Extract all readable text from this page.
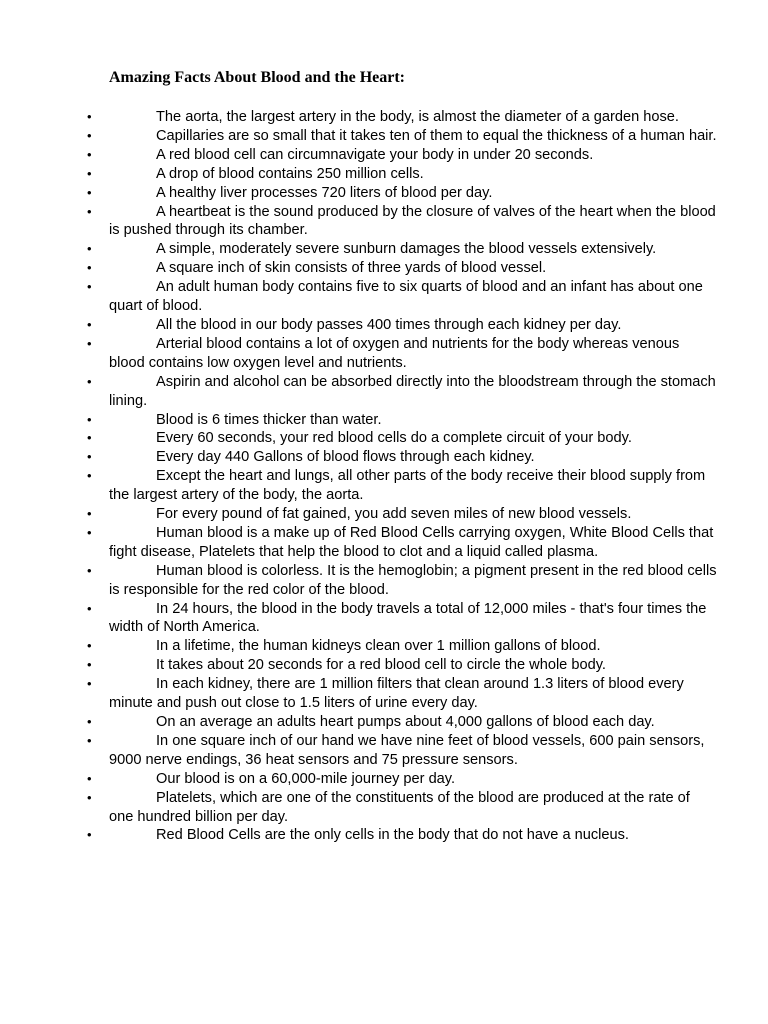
Amazing Facts About Blood and the Heart:
•	The aorta, the largest artery in the body, is almost the diameter of a garden hose.
•	Capillaries are so small that it takes ten of them to equal the thickness of a human hair.
•	A red blood cell can circumnavigate your body in under 20 seconds.
•	A drop of blood contains 250 million cells.
•	A healthy liver processes 720 liters of blood per day.
•	A heartbeat is the sound produced by the closure of valves of the heart when the blood is pushed through its chamber.
•	A simple, moderately severe sunburn damages the blood vessels extensively.
•	A square inch of skin consists of three yards of blood vessel.
•	An adult human body contains five to six quarts of blood and an infant has about one quart of blood.
•	All the blood in our body passes 400 times through each kidney per day.
•	Arterial blood contains a lot of oxygen and nutrients for the body whereas venous blood contains low oxygen level and nutrients.
•	Aspirin and alcohol can be absorbed directly into the bloodstream through the stomach lining.
•	Blood is 6 times thicker than water.
•	Every 60 seconds, your red blood cells do a complete circuit of your body.
•	Every day 440 Gallons of blood flows through each kidney.
•	Except the heart and lungs, all other parts of the body receive their blood supply from the largest artery of the body, the aorta.
•	For every pound of fat gained, you add seven miles of new blood vessels.
•	Human blood is a make up of Red Blood Cells carrying oxygen, White Blood Cells that fight disease, Platelets that help the blood to clot and a liquid called plasma.
•	Human blood is colorless. It is the hemoglobin; a pigment present in the red blood cells is responsible for the red color of the blood.
•	In 24 hours, the blood in the body travels a total of 12,000 miles - that's four times the width of North America.
•	In a lifetime, the human kidneys clean over 1 million gallons of blood.
•	It takes about 20 seconds for a red blood cell to circle the whole body.
•	In each kidney, there are 1 million filters that clean around 1.3 liters of blood every minute and push out close to 1.5 liters of urine every day.
•	On an average an adults heart pumps about 4,000 gallons of blood each day.
•	In one square inch of our hand we have nine feet of blood vessels, 600 pain sensors, 9000 nerve endings, 36 heat sensors and 75 pressure sensors.
•	Our blood is on a 60,000-mile journey per day.
•	Platelets, which are one of the constituents of the blood are produced at the rate of one hundred billion per day.
•	Red Blood Cells are the only cells in the body that do not have a nucleus.
